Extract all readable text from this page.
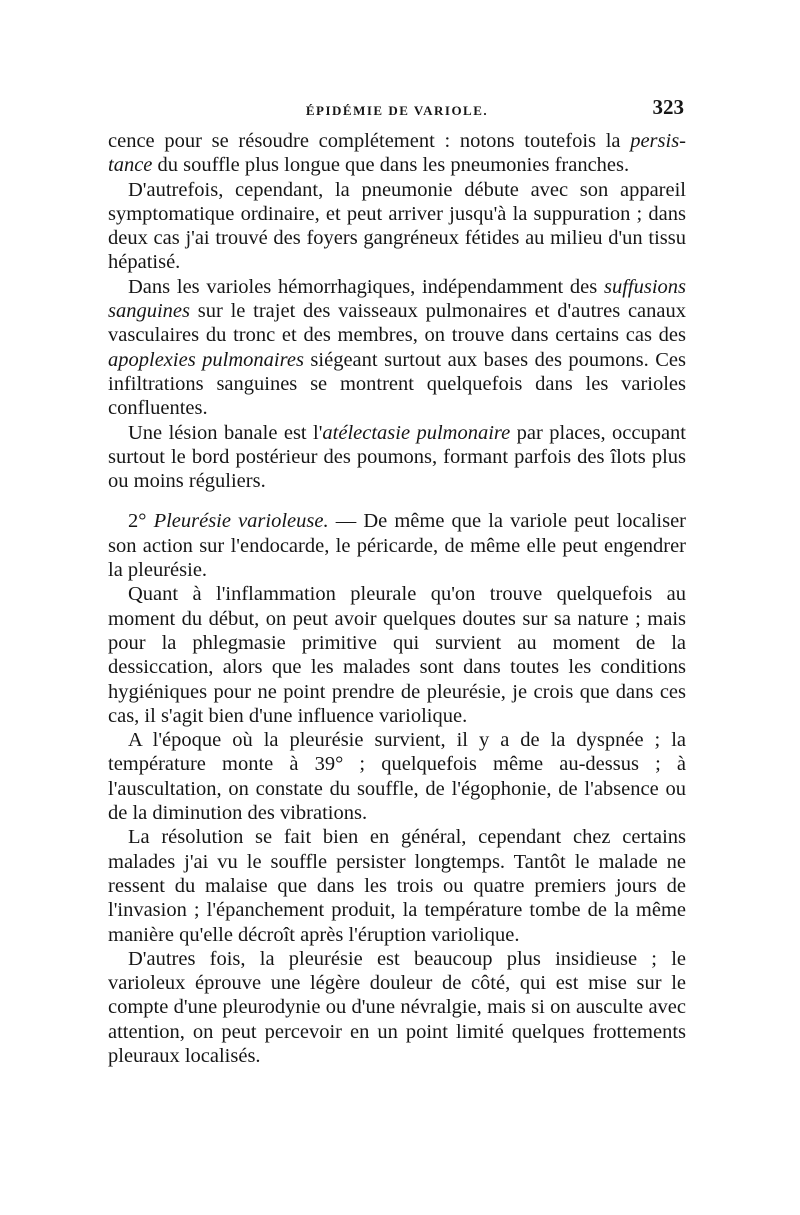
ÉPIDÉMIE DE VARIOLE.	323

cence pour se résoudre complétement : notons toutefois la persis-tance du souffle plus longue que dans les pneumonies franches.

D'autrefois, cependant, la pneumonie débute avec son appareil symptomatique ordinaire, et peut arriver jusqu'à la suppuration ; dans deux cas j'ai trouvé des foyers gangréneux fétides au milieu d'un tissu hépatisé.

Dans les varioles hémorrhagiques, indépendamment des suffusions sanguines sur le trajet des vaisseaux pulmonaires et d'autres canaux vasculaires du tronc et des membres, on trouve dans certains cas des apoplexies pulmonaires siégeant surtout aux bases des poumons. Ces infiltrations sanguines se montrent quelquefois dans les varioles confluentes.

Une lésion banale est l'atélectasie pulmonaire par places, occupant surtout le bord postérieur des poumons, formant parfois des îlots plus ou moins réguliers.

2° Pleurésie varioleuse. — De même que la variole peut localiser son action sur l'endocarde, le péricarde, de même elle peut engendrer la pleurésie.

Quant à l'inflammation pleurale qu'on trouve quelquefois au moment du début, on peut avoir quelques doutes sur sa nature ; mais pour la phlegmasie primitive qui survient au moment de la dessiccation, alors que les malades sont dans toutes les conditions hygiéniques pour ne point prendre de pleurésie, je crois que dans ces cas, il s'agit bien d'une influence variolique.

A l'époque où la pleurésie survient, il y a de la dyspnée ; la température monte à 39° ; quelquefois même au-dessus ; à l'auscultation, on constate du souffle, de l'égophonie, de l'absence ou de la diminution des vibrations.

La résolution se fait bien en général, cependant chez certains malades j'ai vu le souffle persister longtemps. Tantôt le malade ne ressent du malaise que dans les trois ou quatre premiers jours de l'invasion ; l'épanchement produit, la température tombe de la même manière qu'elle décroît après l'éruption variolique.

D'autres fois, la pleurésie est beaucoup plus insidieuse ; le varioleux éprouve une légère douleur de côté, qui est mise sur le compte d'une pleurodynie ou d'une névralgie, mais si on ausculte avec attention, on peut percevoir en un point limité quelques frottements pleuraux localisés.
